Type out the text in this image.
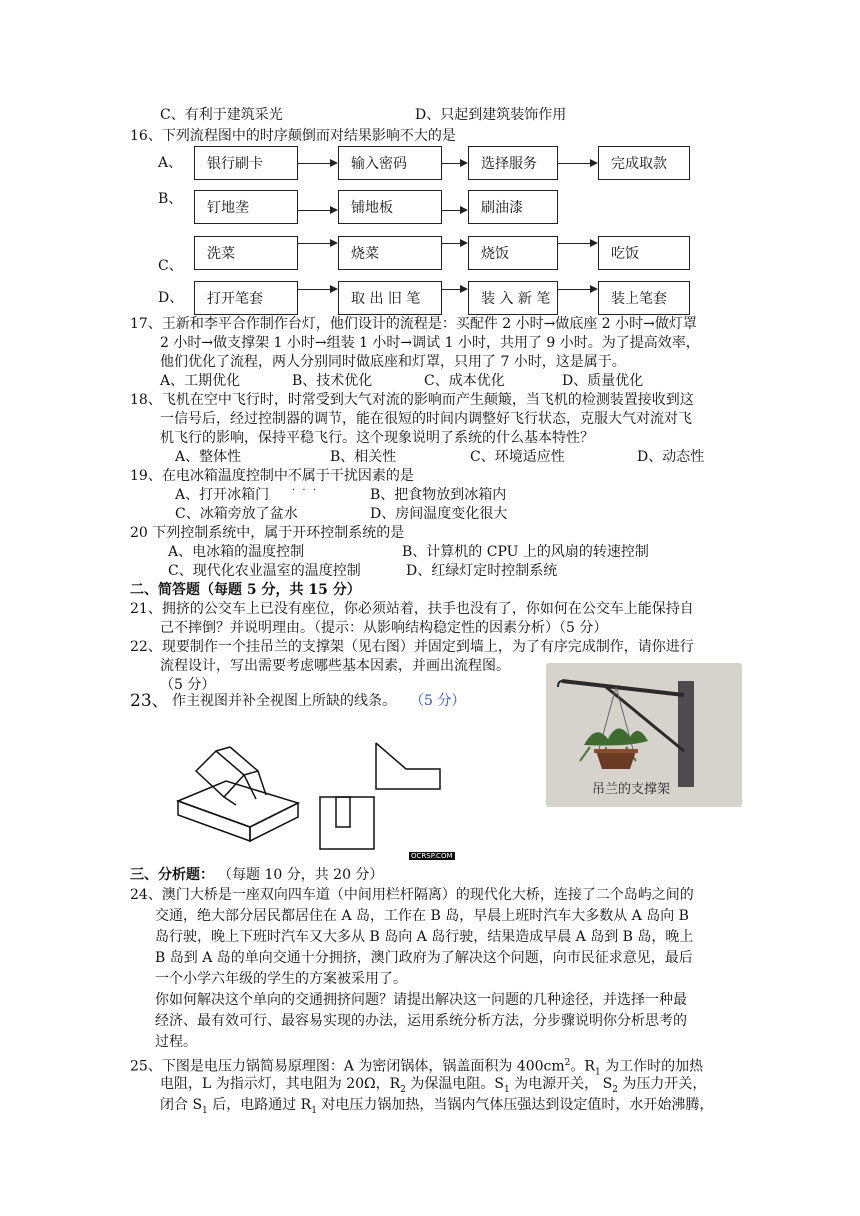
C、有利于建筑采光	D、只起到建筑装饰作用
16、下列流程图中的时序颠倒而对结果影响不大的是
A、
B、
C、
D、
银行刷卡	输入密码	选择服务	完成取款
钉地垄	铺地板	刷油漆
洗菜	烧菜	烧饭	吃饭
打开笔套	取 出 旧 笔	装 入 新 笔	装上笔套
17、王新和李平合作制作台灯，他们设计的流程是：买配件 2 小时→做底座 2 小时→做灯罩
2 小时→做支撑架 1 小时→组装 1 小时→调试 1 小时，共用了 9 小时。为了提高效率，
他们优化了流程，两人分别同时做底座和灯罩，只用了 7 小时，这是属于。
A、工期优化	B、技术优化	C、成本优化	D、质量优化
18、飞机在空中飞行时，时常受到大气对流的影响而产生颠簸，当飞机的检测装置接收到这
一信号后，经过控制器的调节，能在很短的时间内调整好飞行状态，克服大气对流对飞
机飞行的影响，保持平稳飞行。这个现象说明了系统的什么基本特性？
A、整体性	B、相关性	C、环境适应性	D、动态性
19、在电冰箱温度控制中不属于干扰因素的是
. . .
A、打开冰箱门	B、把食物放到冰箱内
C、冰箱旁放了盆水	D、房间温度变化很大
20 下列控制系统中，属于开环控制系统的是
A、电冰箱的温度控制	B、计算机的 CPU 上的风扇的转速控制
C、现代化农业温室的温度控制	D、红绿灯定时控制系统
二、简答题（每题 5 分，共 15 分）
21、拥挤的公交车上已没有座位，你必须站着，扶手也没有了，你如何在公交车上能保持自
己不摔倒？并说明理由。（提示：从影响结构稳定性的因素分析）（5 分）
22、现要制作一个挂吊兰的支撑架（见右图）并固定到墙上，为了有序完成制作，请你进行
流程设计，写出需要考虑哪些基本因素，并画出流程图。
（5 分）
23、 作主视图并补全视图上所缺的线条。 （5 分）
吊兰的支撑架
OCRSP.COM
三、分析题： （每题 10 分，共 20 分）
24、澳门大桥是一座双向四车道（中间用栏杆隔离）的现代化大桥，连接了二个岛屿之间的
交通，绝大部分居民都居住在 A 岛，工作在 B 岛，早晨上班时汽车大多数从 A 岛向 B
岛行驶，晚上下班时汽车又大多从 B 岛向 A 岛行驶，结果造成早晨 A 岛到 B 岛，晚上
B 岛到 A 岛的单向交通十分拥挤，澳门政府为了解决这个问题，向市民征求意见，最后
一个小学六年级的学生的方案被采用了。
你如何解决这个单向的交通拥挤问题？请提出解决这一问题的几种途径，并选择一种最
经济、最有效可行、最容易实现的办法，运用系统分析方法，分步骤说明你分析思考的
过程。
25、下图是电压力锅简易原理图：A 为密闭锅体，锅盖面积为 $400cm^2$。$R_1$ 为工作时的加热
电阻，L 为指示灯，其电阻为 20Ω，$R_2$ 为保温电阻。$S_1$ 为电源开关， $S_2$ 为压力开关，
闭合 $S_1$ 后，电路通过 $R_1$ 对电压力锅加热，当锅内气体压强达到设定值时，水开始沸腾，
